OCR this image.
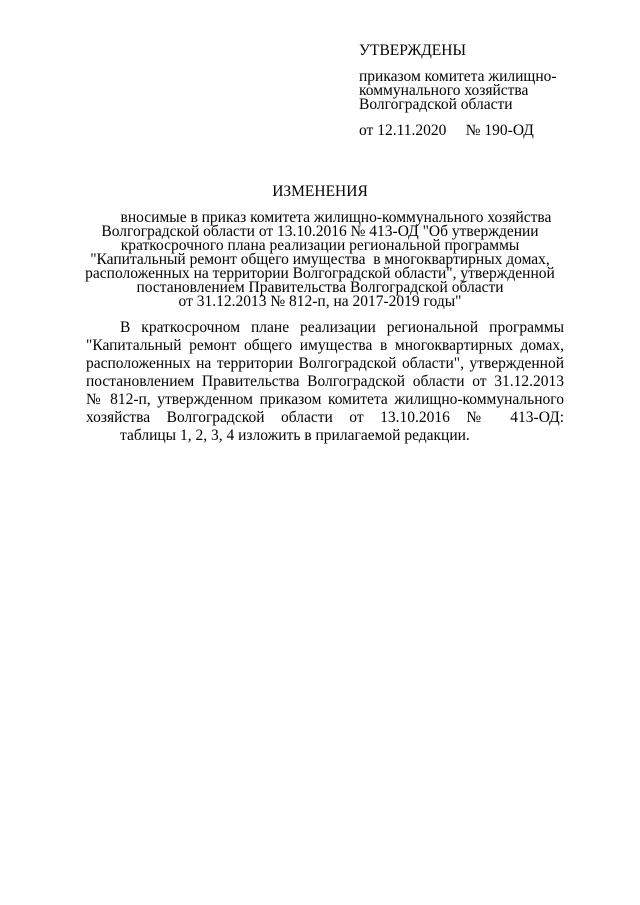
УТВЕРЖДЕНЫ
приказом комитета жилищно-
коммунального хозяйства
Волгоградской области
от 12.11.2020     № 190-ОД
ИЗМЕНЕНИЯ
вносимые в приказ комитета жилищно-коммунального хозяйства
Волгоградской области от 13.10.2016 № 413-ОД "Об утверждении
краткосрочного плана реализации региональной программы
"Капитальный ремонт общего имущества  в многоквартирных домах,
расположенных на территории Волгоградской области", утвержденной
постановлением Правительства Волгоградской области
от 31.12.2013 № 812-п, на 2017-2019 годы"
В краткосрочном плане реализации региональной программы
"Капитальный ремонт общего имущества в многоквартирных домах,
расположенных на территории Волгоградской области", утвержденной
постановлением Правительства Волгоградской области от 31.12.2013
№ 812-п, утвержденном приказом комитета жилищно-коммунального
хозяйства Волгоградской области от 13.10.2016 № 413-ОД:
таблицы 1, 2, 3, 4 изложить в прилагаемой редакции.
